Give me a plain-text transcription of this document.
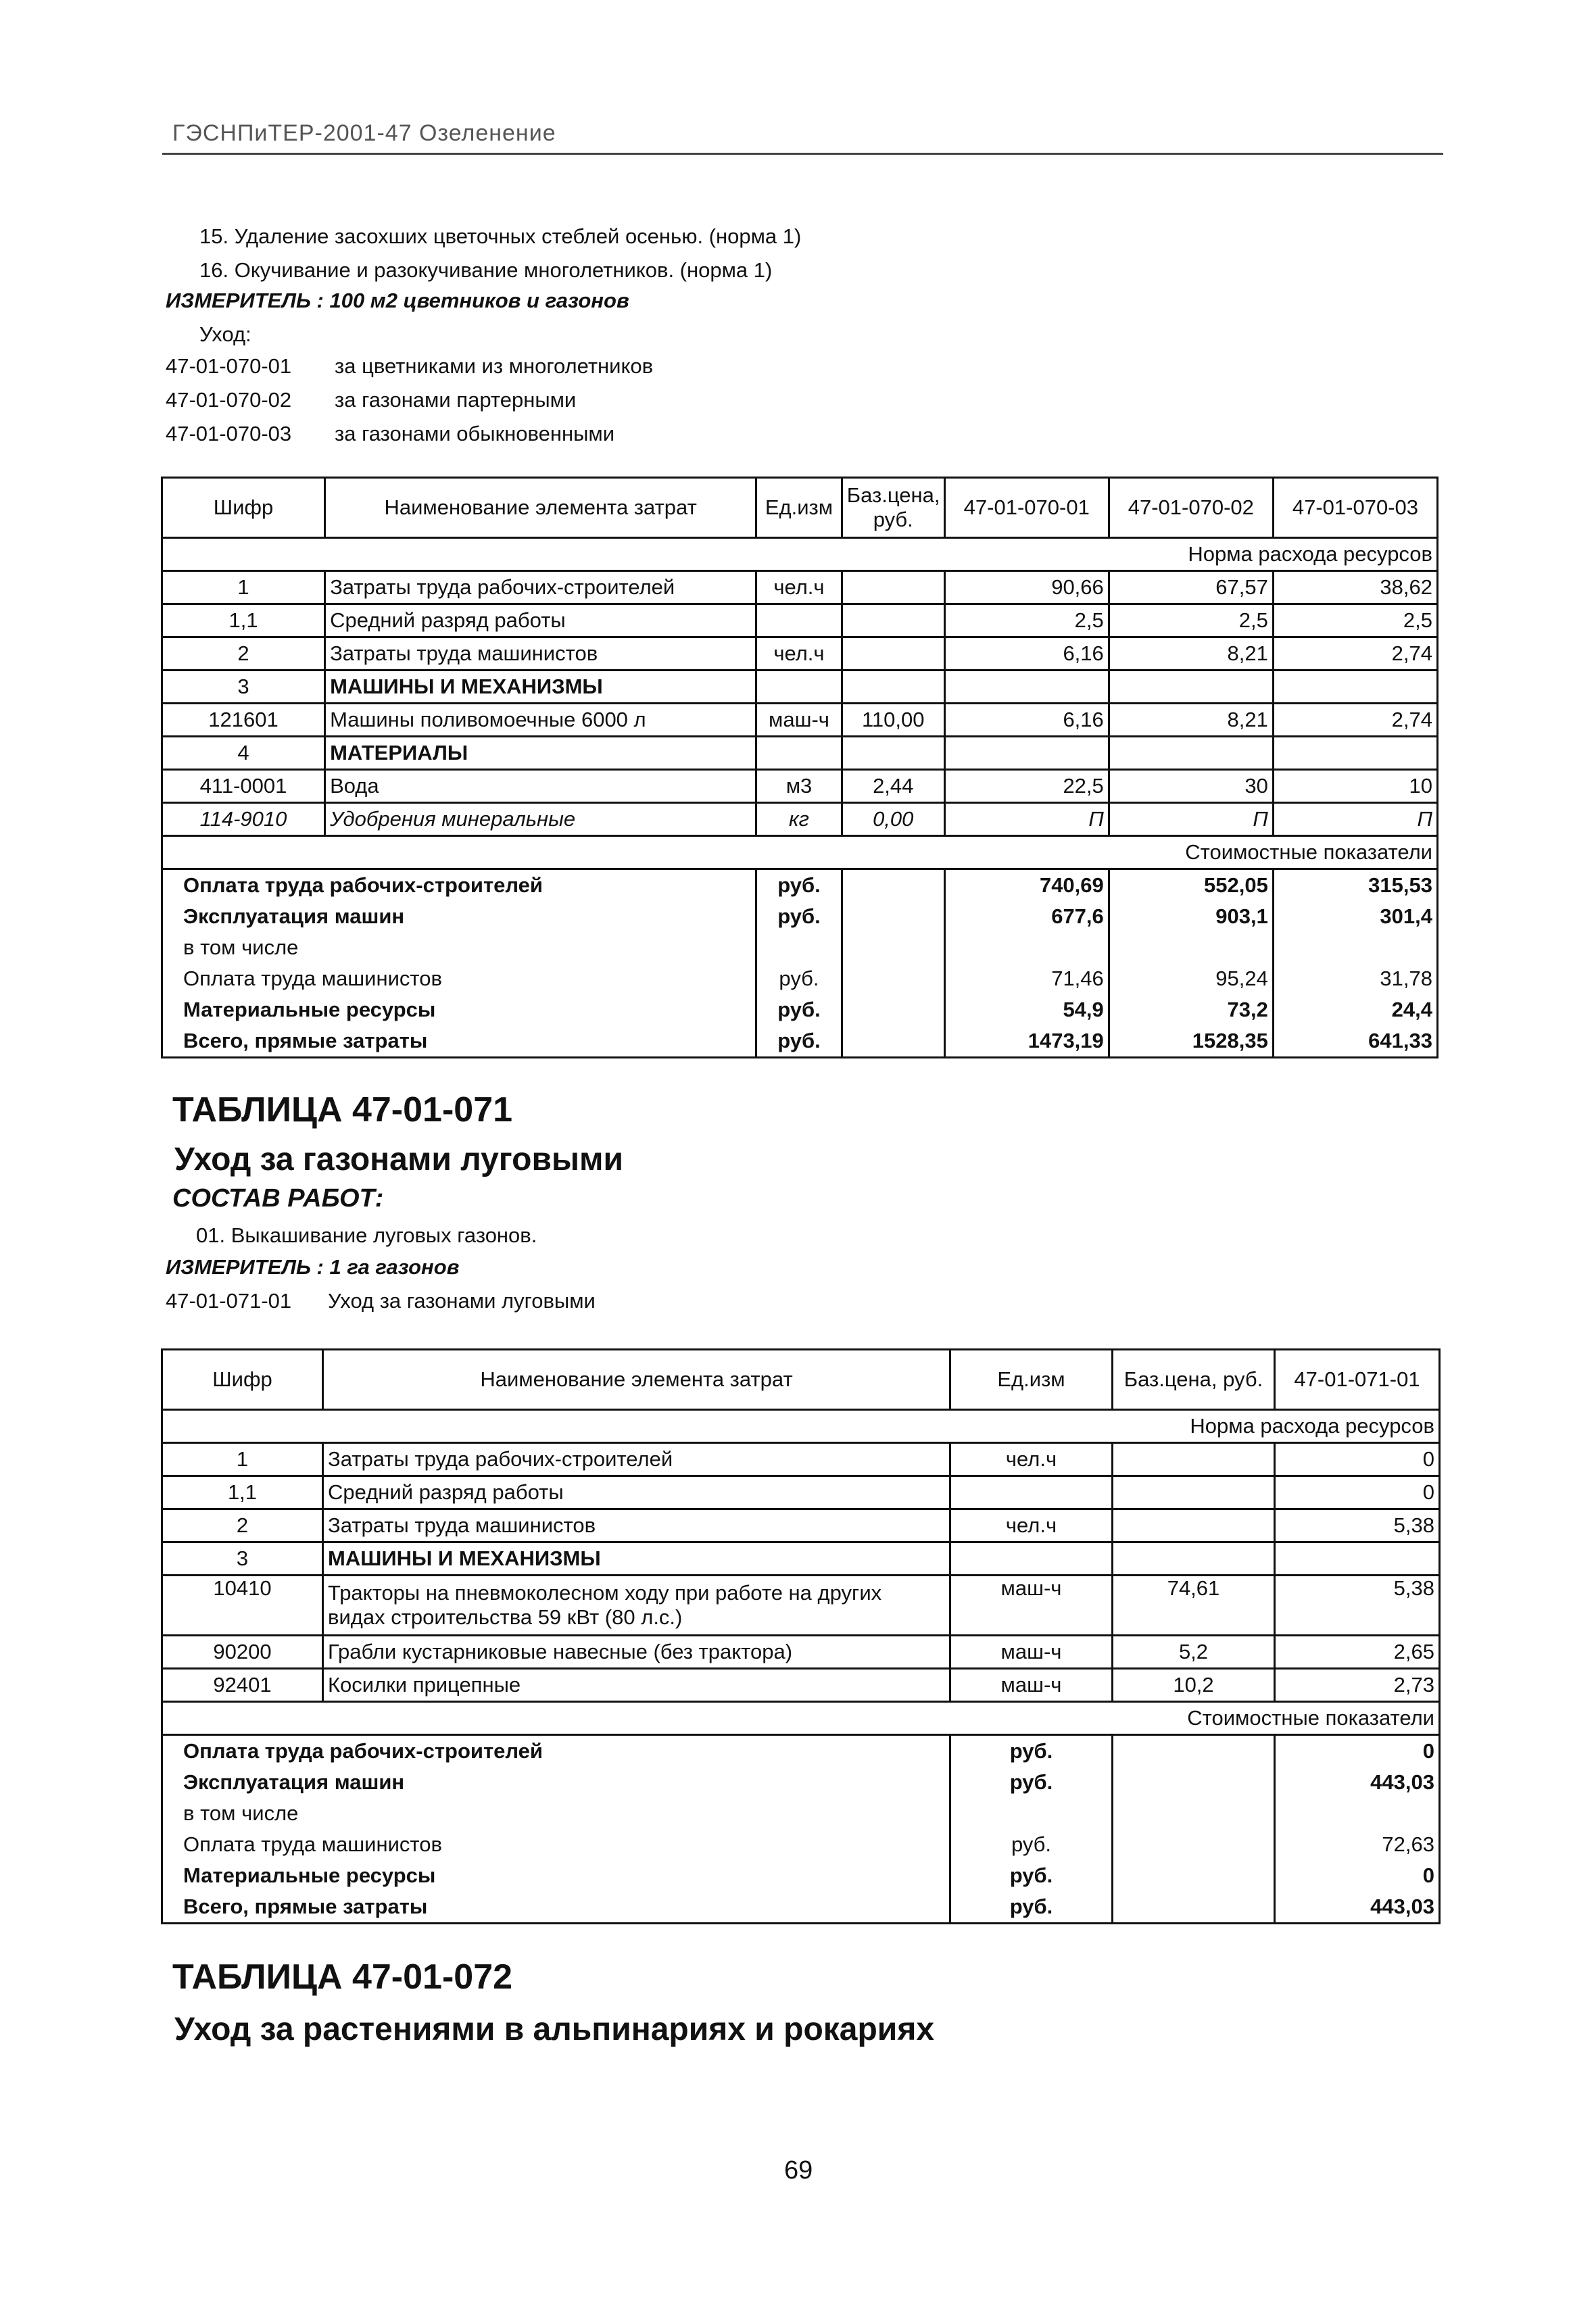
ГЭСНПиТЕР-2001-47 Озеленение
15. Удаление засохших цветочных стеблей осенью. (норма 1)
16. Окучивание и разокучивание многолетников. (норма 1)
ИЗМЕРИТЕЛЬ : 100 м2 цветников и газонов
Уход:
47-01-070-01 за цветниками из многолетников
47-01-070-02 за газонами партерными
47-01-070-03 за газонами обыкновенными
Шифр	Наименование элемента затрат	Ед.изм	Баз.цена, руб.	47-01-070-01	47-01-070-02	47-01-070-03
Норма расхода ресурсов						
1	Затраты труда рабочих-строителей	чел.ч		90,66	67,57	38,62
1,1	Средний разряд работы			2,5	2,5	2,5
2	Затраты труда машинистов	чел.ч		6,16	8,21	2,74
3	МАШИНЫ И МЕХАНИЗМЫ					
121601	Машины поливомоечные 6000 л	маш-ч	110,00	6,16	8,21	2,74
4	МАТЕРИАЛЫ					
411-0001	Вода	м3	2,44	22,5	30	10
114-9010	Удобрения минеральные	кг	0,00	П	П	П
Стоимостные показатели						
Оплата труда рабочих-строителей		руб.		740,69	552,05	315,53
Эксплуатация машин		руб.		677,6	903,1	301,4
в том числе						
Оплата труда машинистов		руб.		71,46	95,24	31,78
Материальные ресурсы		руб.		54,9	73,2	24,4
Всего, прямые затраты		руб.		1473,19	1528,35	641,33
ТАБЛИЦА 47-01-071
Уход за газонами луговыми
СОСТАВ РАБОТ:
01. Выкашивание луговых газонов.
ИЗМЕРИТЕЛЬ : 1 га газонов
47-01-071-01 Уход за газонами луговыми
Шифр	Наименование элемента затрат	Ед.изм	Баз.цена, руб.	47-01-071-01
Норма расхода ресурсов				
1	Затраты труда рабочих-строителей	чел.ч		0
1,1	Средний разряд работы			0
2	Затраты труда машинистов	чел.ч		5,38
3	МАШИНЫ И МЕХАНИЗМЫ			
10410	Тракторы на пневмоколесном ходу при работе на других видах строительства 59 кВт (80 л.с.)	маш-ч	74,61	5,38
90200	Грабли кустарниковые навесные (без трактора)	маш-ч	5,2	2,65
92401	Косилки прицепные	маш-ч	10,2	2,73
Стоимостные показатели				
Оплата труда рабочих-строителей		руб.		0
Эксплуатация машин		руб.		443,03
в том числе				
Оплата труда машинистов		руб.		72,63
Материальные ресурсы		руб.		0
Всего, прямые затраты		руб.		443,03
ТАБЛИЦА 47-01-072
Уход за растениями в альпинариях и рокариях
69
